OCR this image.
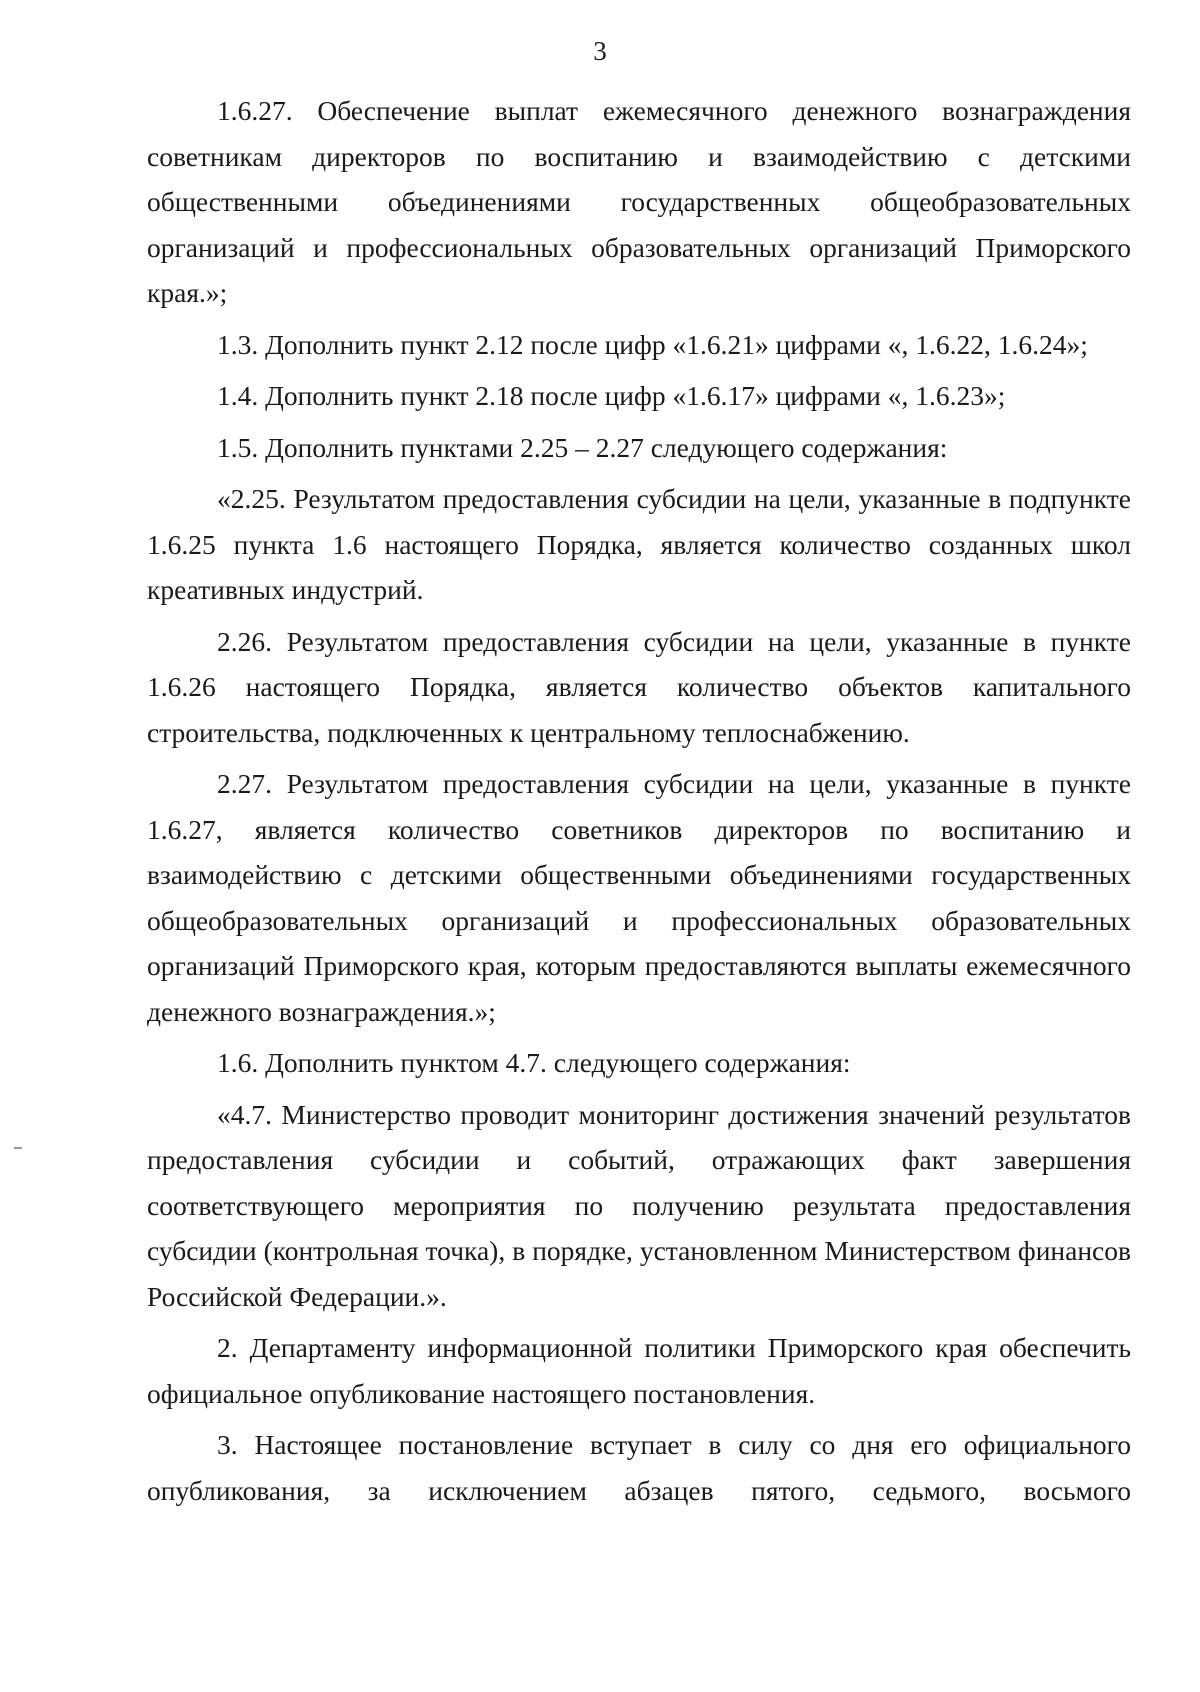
3

1.6.27. Обеспечение выплат ежемесячного денежного вознаграждения советникам директоров по воспитанию и взаимодействию с детскими общественными объединениями государственных общеобразовательных организаций и профессиональных образовательных организаций Приморского края.»;

1.3. Дополнить пункт 2.12 после цифр «1.6.21» цифрами «, 1.6.22, 1.6.24»;

1.4. Дополнить пункт 2.18 после цифр «1.6.17» цифрами «, 1.6.23»;

1.5. Дополнить пунктами 2.25 – 2.27 следующего содержания:

«2.25. Результатом предоставления субсидии на цели, указанные в подпункте 1.6.25 пункта 1.6 настоящего Порядка, является количество созданных школ креативных индустрий.

2.26. Результатом предоставления субсидии на цели, указанные в пункте 1.6.26 настоящего Порядка, является количество объектов капитального строительства, подключенных к центральному теплоснабжению.

2.27. Результатом предоставления субсидии на цели, указанные в пункте 1.6.27, является количество советников директоров по воспитанию и взаимодействию с детскими общественными объединениями государственных общеобразовательных организаций и профессиональных образовательных организаций Приморского края, которым предоставляются выплаты ежемесячного денежного вознаграждения.»;

1.6. Дополнить пунктом 4.7. следующего содержания:

«4.7. Министерство проводит мониторинг достижения значений результатов предоставления субсидии и событий, отражающих факт завершения соответствующего мероприятия по получению результата предоставления субсидии (контрольная точка), в порядке, установленном Министерством финансов Российской Федерации.».

2. Департаменту информационной политики Приморского края обеспечить официальное опубликование настоящего постановления.

3. Настоящее постановление вступает в силу со дня его официального опубликования, за исключением абзацев пятого, седьмого, восьмого
